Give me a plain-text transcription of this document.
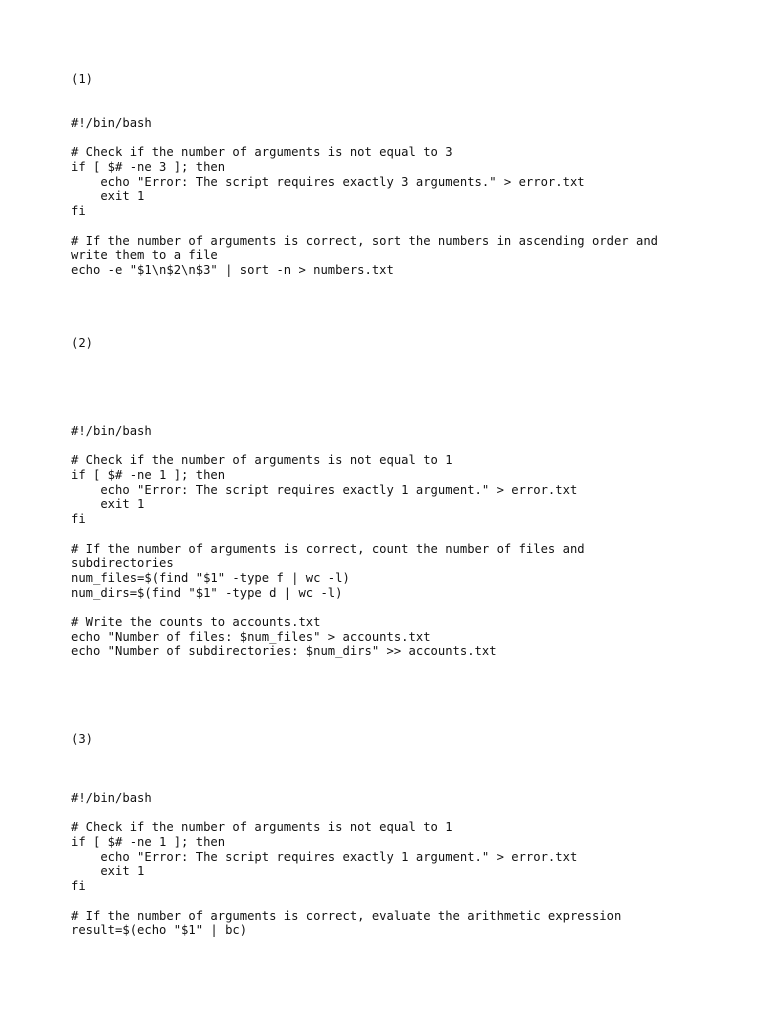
(1)
#!/bin/bash
# Check if the number of arguments is not equal to 3
if [ $# -ne 3 ]; then
echo "Error: The script requires exactly 3 arguments." > error.txt
exit 1
fi
# If the number of arguments is correct, sort the numbers in ascending order and
write them to a file
echo -e "$1\n$2\n$3" | sort -n > numbers.txt
(2)
#!/bin/bash
# Check if the number of arguments is not equal to 1
if [ $# -ne 1 ]; then
echo "Error: The script requires exactly 1 argument." > error.txt
exit 1
fi
# If the number of arguments is correct, count the number of files and
subdirectories
num_files=$(find "$1" -type f | wc -l)
num_dirs=$(find "$1" -type d | wc -l)
# Write the counts to accounts.txt
echo "Number of files: $num_files" > accounts.txt
echo "Number of subdirectories: $num_dirs" >> accounts.txt
(3)
#!/bin/bash
# Check if the number of arguments is not equal to 1
if [ $# -ne 1 ]; then
echo "Error: The script requires exactly 1 argument." > error.txt
exit 1
fi
# If the number of arguments is correct, evaluate the arithmetic expression
result=$(echo "$1" | bc)
